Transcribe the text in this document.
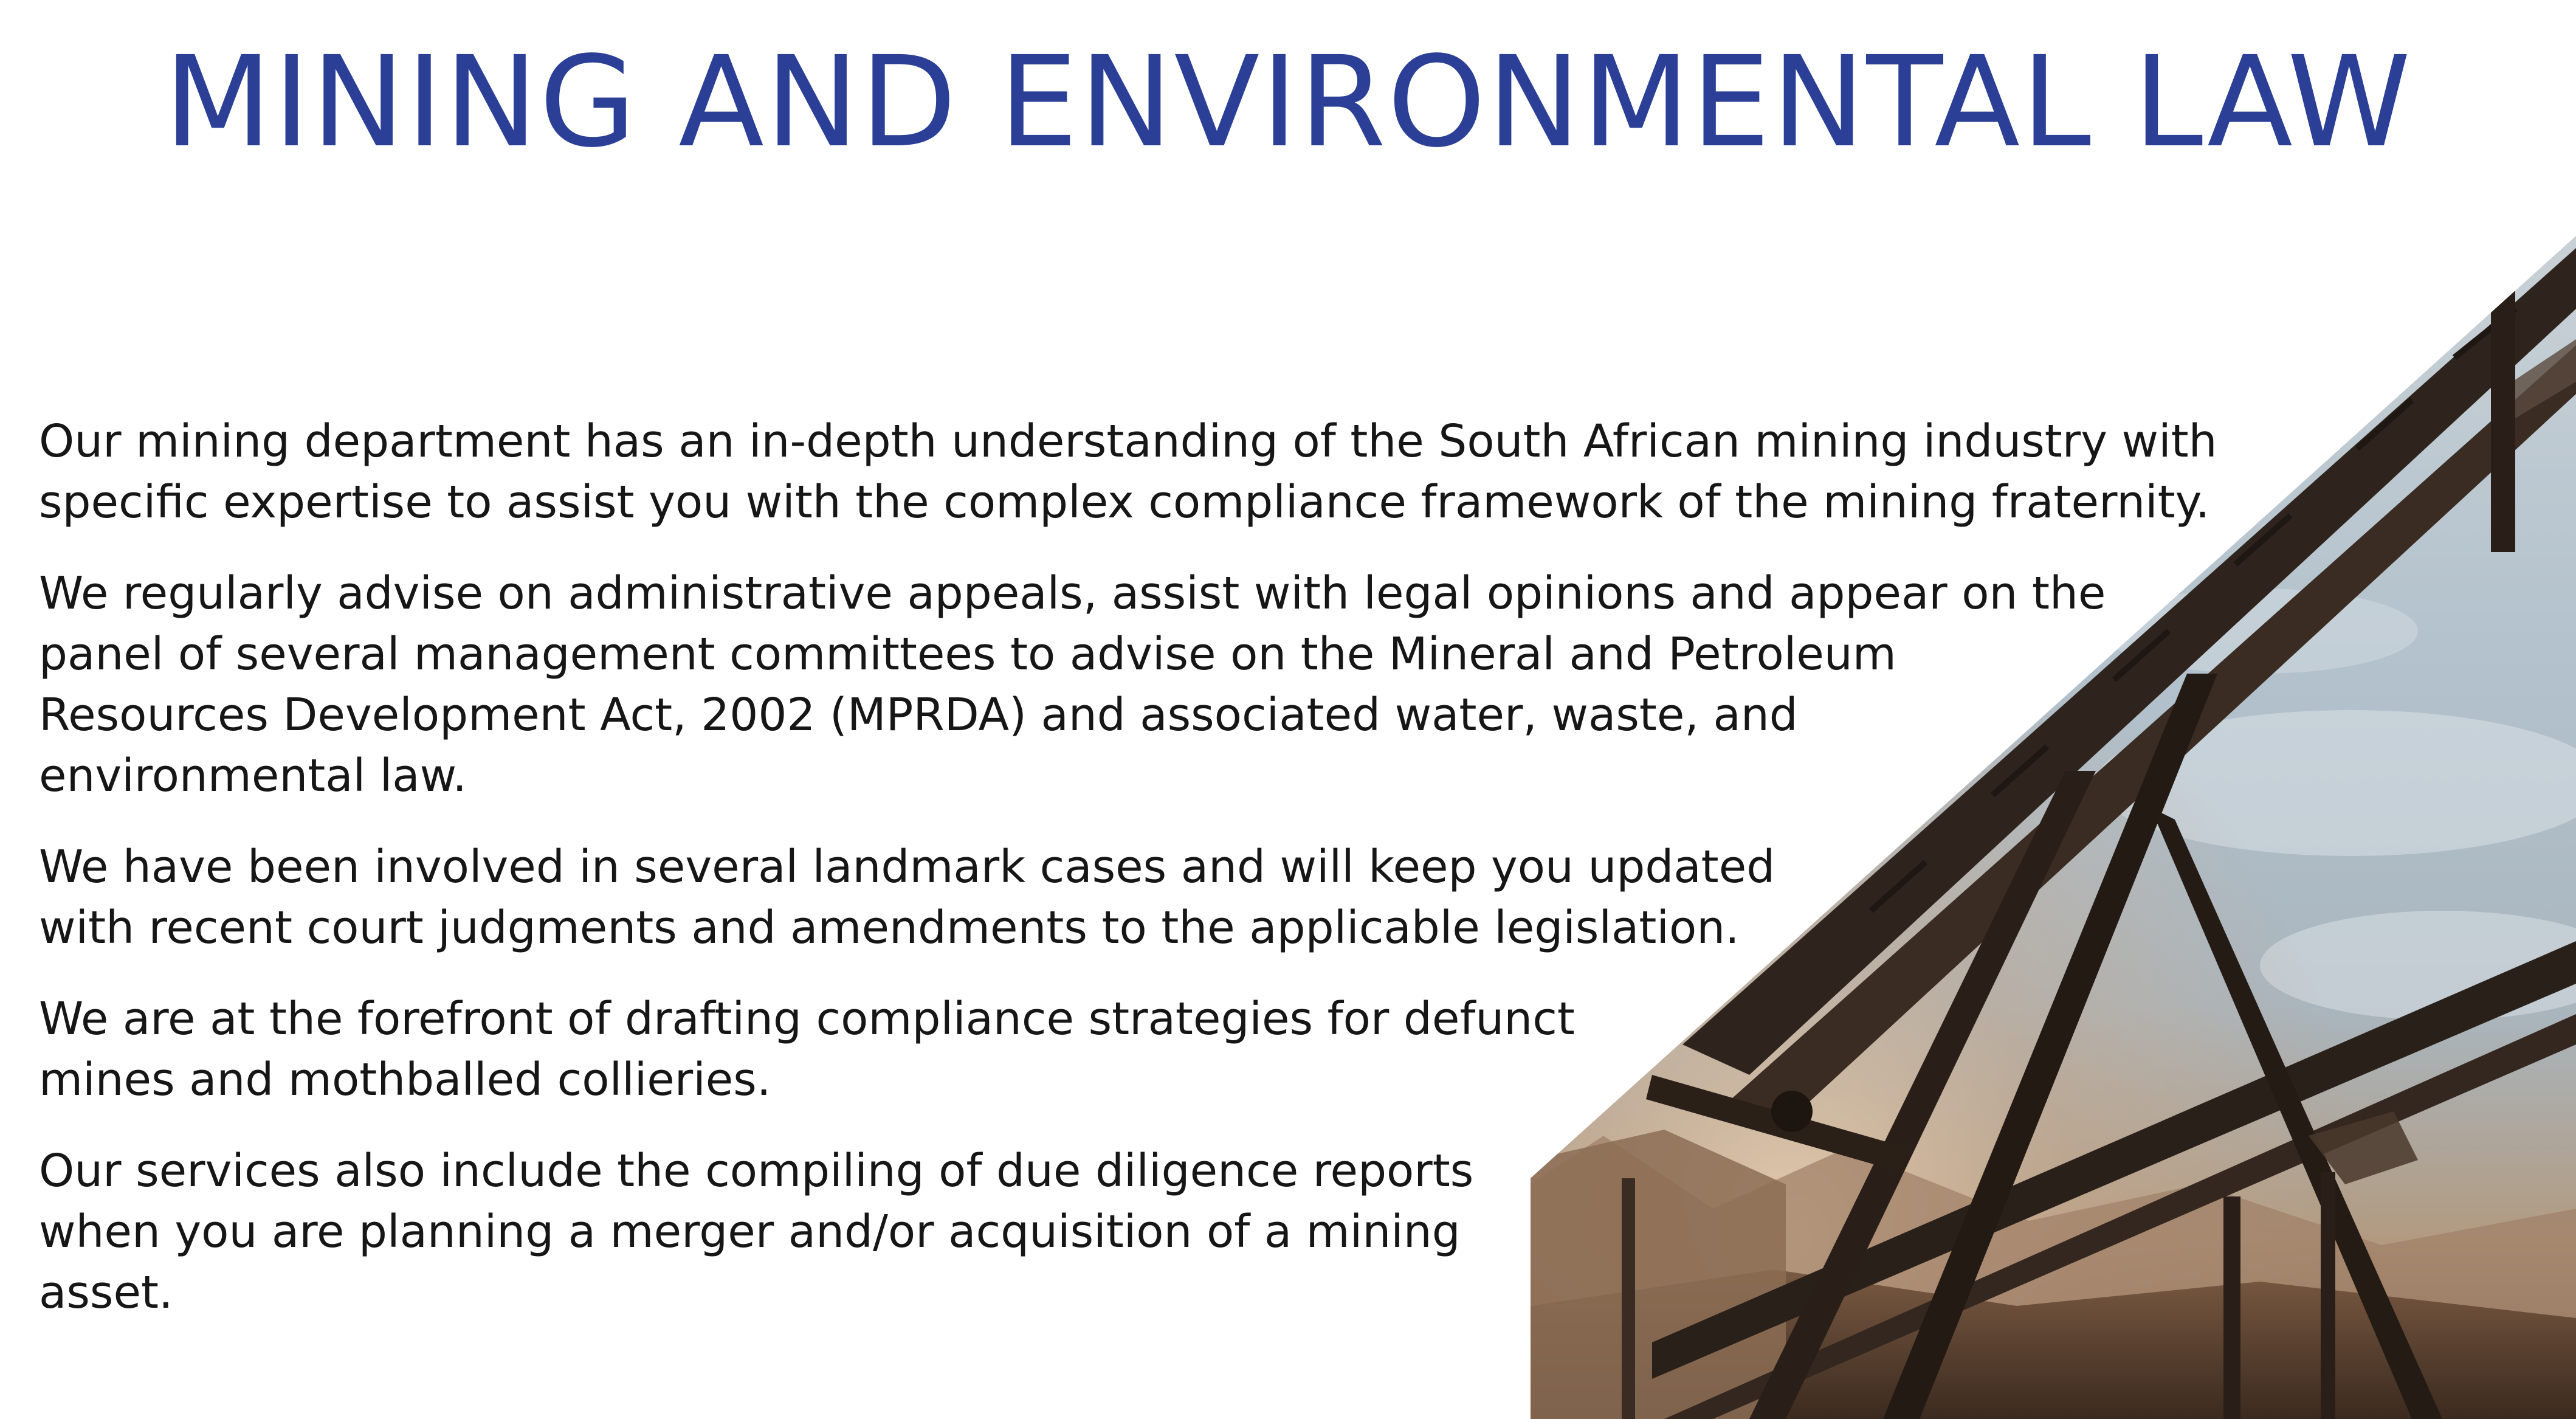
MINING AND ENVIRONMENTAL LAW

Our mining department has an in-depth understanding of the South African mining industry with
specific expertise to assist you with the complex compliance framework of the mining fraternity.

We regularly advise on administrative appeals, assist with legal opinions and appear on the
panel of several management committees to advise on the Mineral and Petroleum
Resources Development Act, 2002 (MPRDA) and associated water, waste, and
environmental law.

We have been involved in several landmark cases and will keep you updated
with recent court judgments and amendments to the applicable legislation.

We are at the forefront of drafting compliance strategies for defunct
mines and mothballed collieries.

Our services also include the compiling of due diligence reports
when you are planning a merger and/or acquisition of a mining
asset.
